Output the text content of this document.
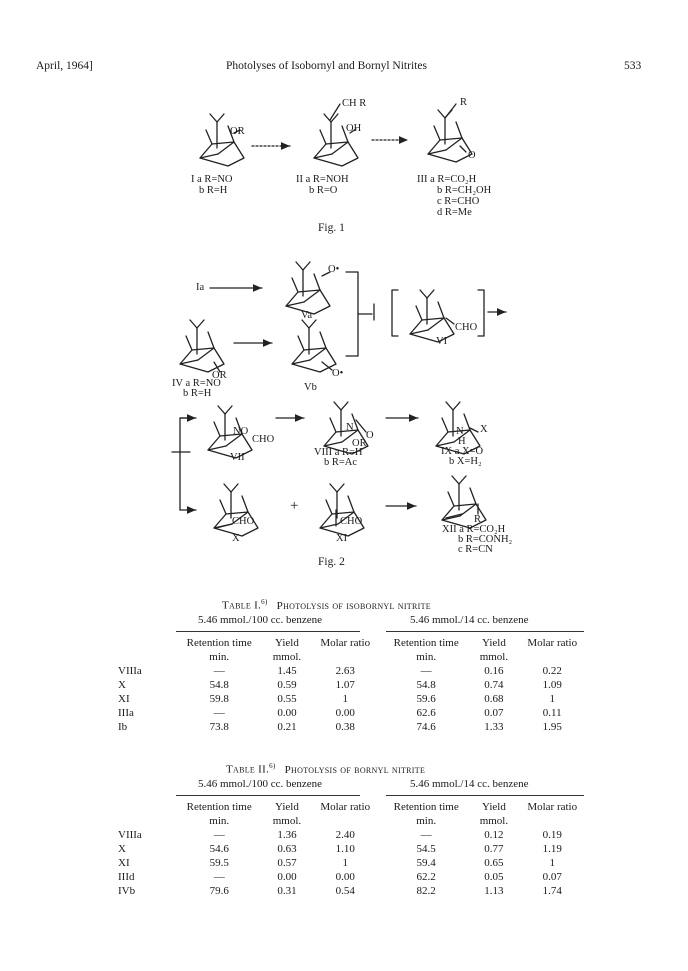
April, 1964]	Photolyses of Isobornyl and Bornyl Nitrites	533
OR
CH R
OH
R
O
I a R=NO
b R=H
II a R=NOH
b R=O
III a R=CO₂H
b R=CH₂OH
c R=CHO
d R=Me
Fig. 1
Ia
O•
Va
Vb
O•
CHO
VI
OR
IV a R=NO
b R=H
NO
CHO
VII
N
O
OR
VIII a R=H
b R=Ac
N
H
X
IX a X=O
b X=H₂
CHO
X
+
CHO
XI
R
XII a R=CO₂H
b R=CONH₂
c R=CN
Fig. 2
Table I.$^{6)}$ Photolysis of isobornyl nitrite
5.46 mmol./100 cc. benzene	5.46 mmol./14 cc. benzene
	Retention time	Yield	Molar ratio	Retention time	Yield	Molar ratio
	min.	mmol.		min.	mmol.	
VIIIa	—	1.45	2.63	—	0.16	0.22
X	54.8	0.59	1.07	54.8	0.74	1.09
XI	59.8	0.55	1	59.6	0.68	1
IIIa	—	0.00	0.00	62.6	0.07	0.11
Ib	73.8	0.21	0.38	74.6	1.33	1.95
Table II.$^{6)}$ Photolysis of bornyl nitrite
5.46 mmol./100 cc. benzene	5.46 mmol./14 cc. benzene
	Retention time	Yield	Molar ratio	Retention time	Yield	Molar ratio
	min.	mmol.		min.	mmol.	
VIIIa	—	1.36	2.40	—	0.12	0.19
X	54.6	0.63	1.10	54.5	0.77	1.19
XI	59.5	0.57	1	59.4	0.65	1
IIId	—	0.00	0.00	62.2	0.05	0.07
IVb	79.6	0.31	0.54	82.2	1.13	1.74
